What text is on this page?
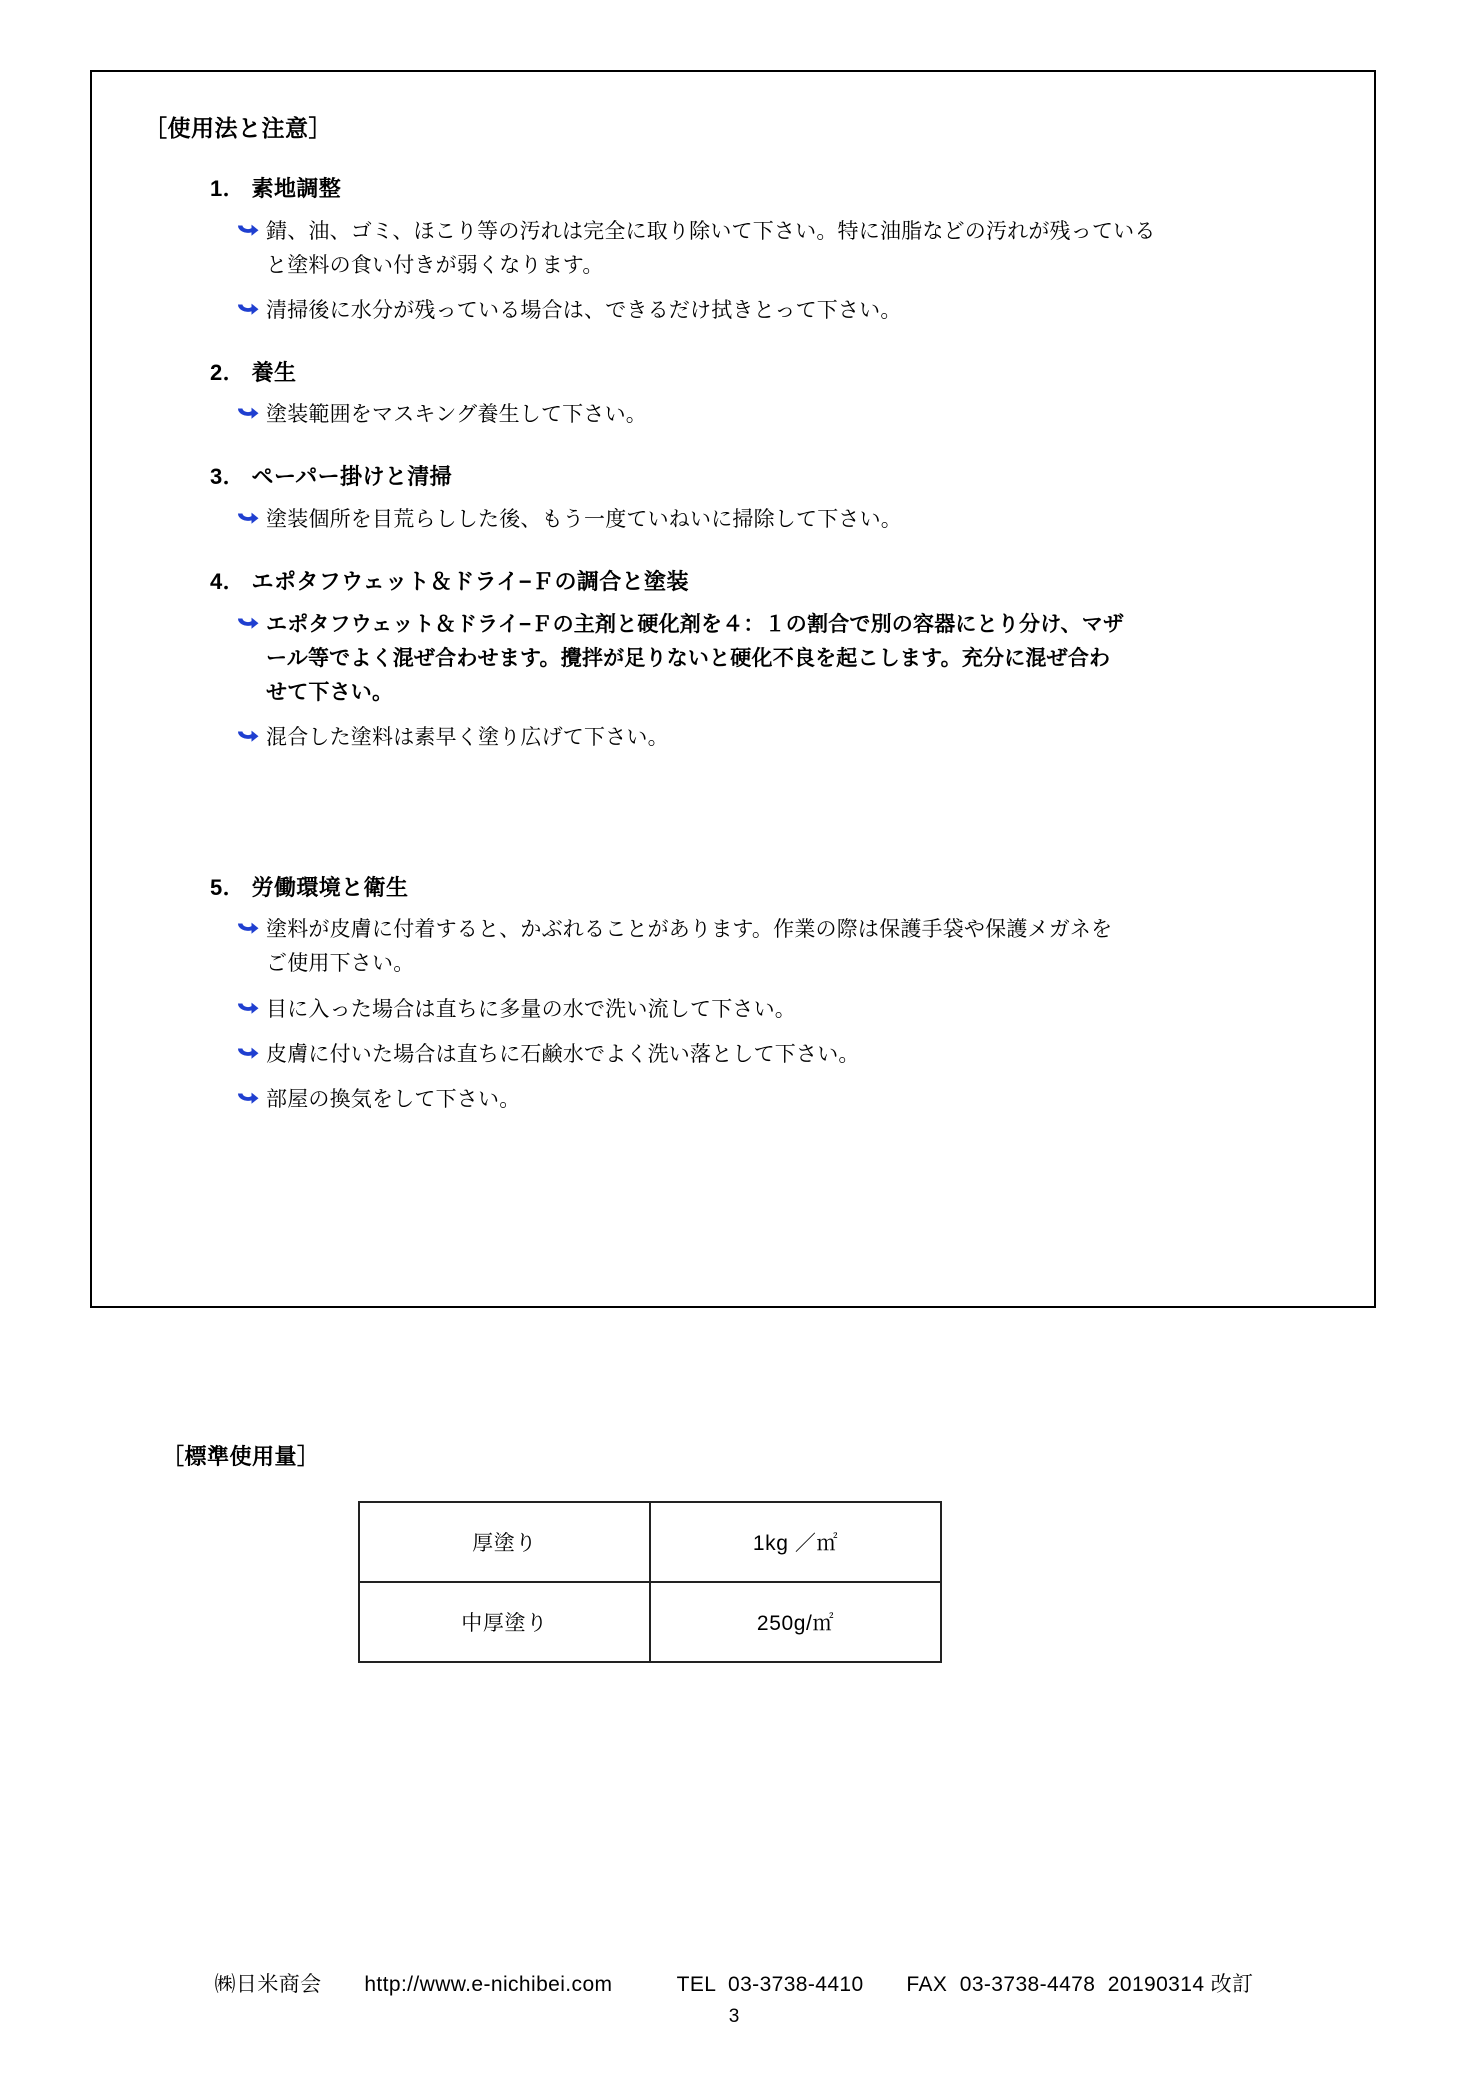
［使用法と注意］
1． 素地調整
錆、油、ゴミ、ほこり等の汚れは完全に取り除いて下さい。特に油脂などの汚れが残っている
と塗料の食い付きが弱くなります。
清掃後に水分が残っている場合は、できるだけ拭きとって下さい。
2． 養生
塗装範囲をマスキング養生して下さい。
3． ペーパー掛けと清掃
塗装個所を目荒らしした後、もう一度ていねいに掃除して下さい。
4． エポタフウェット＆ドライ−Ｆの調合と塗装
エポタフウェット＆ドライ−Ｆの主剤と硬化剤を４：１の割合で別の容器にとり分け、マザ
ール等でよく混ぜ合わせます。攪拌が足りないと硬化不良を起こします。充分に混ぜ合わ
せて下さい。
混合した塗料は素早く塗り広げて下さい。
5． 労働環境と衛生
塗料が皮膚に付着すると、かぶれることがあります。作業の際は保護手袋や保護メガネを
ご使用下さい。
目に入った場合は直ちに多量の水で洗い流して下さい。
皮膚に付いた場合は直ちに石鹸水でよく洗い落として下さい。
部屋の換気をして下さい。
［標準使用量］
厚塗り	1kg ／㎡
中厚塗り	250g/㎡
㈱日米商会　　http://www.e-nichibei.com　　　TEL  03-3738-4410　　FAX  03-3738-4478  20190314 改訂
3
